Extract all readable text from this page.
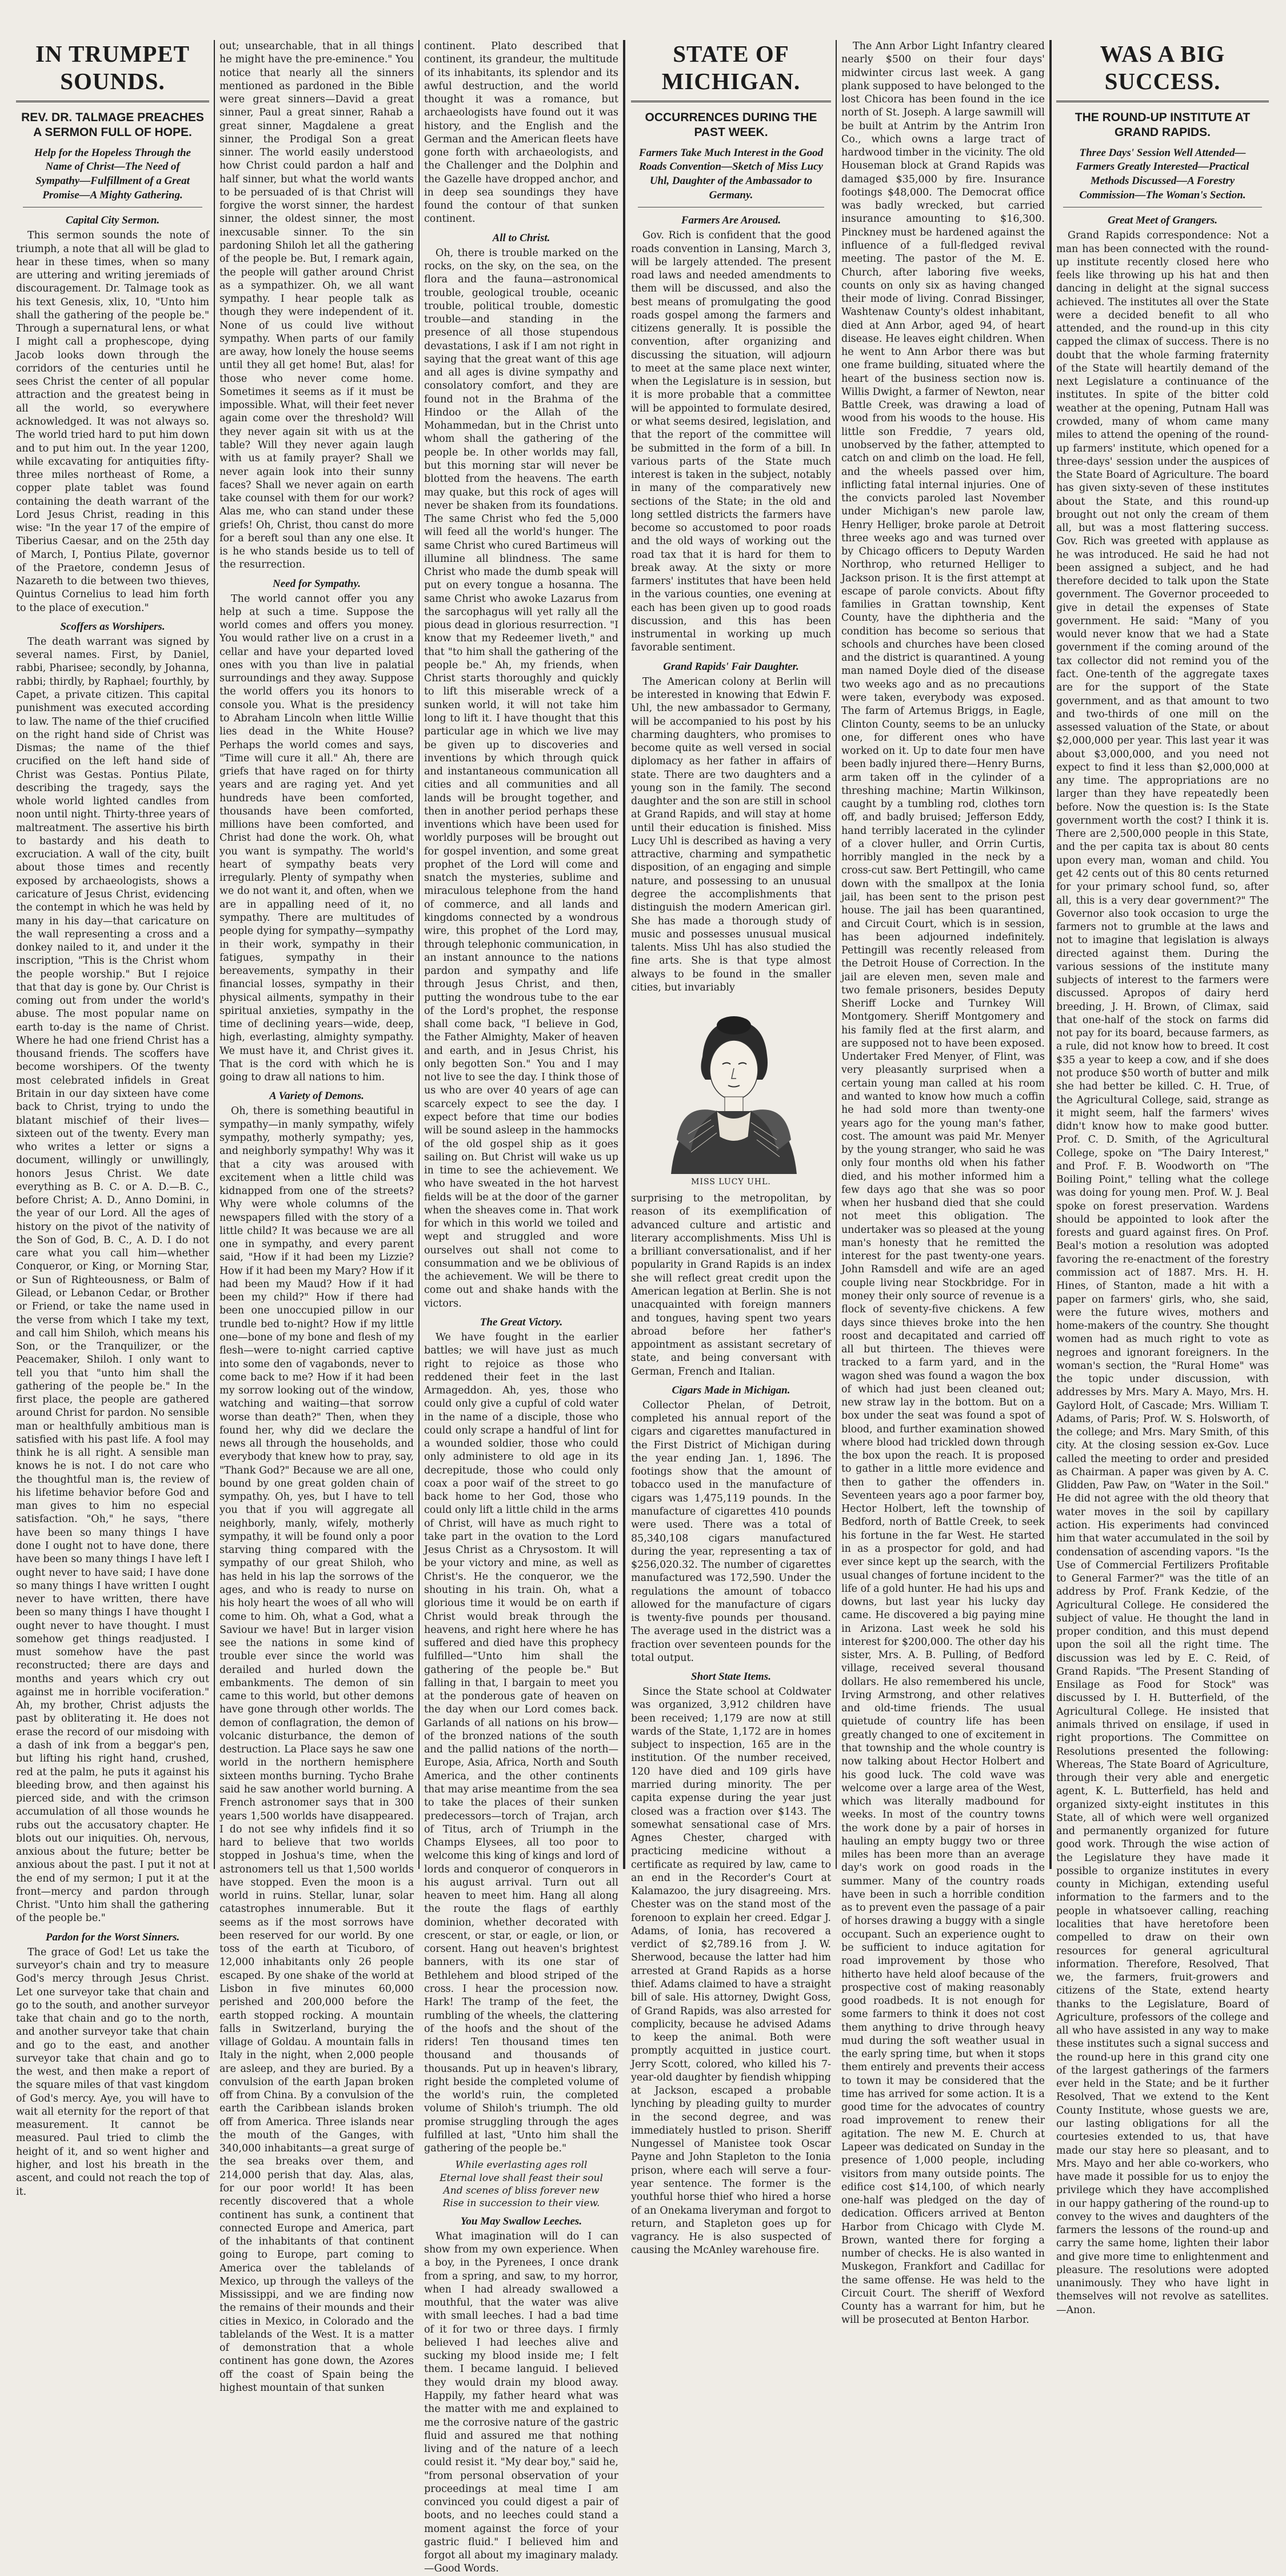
IN TRUMPET SOUNDS.
REV. DR. TALMAGE PREACHES A SERMON FULL OF HOPE.
Help for the Hopeless Through the Name of Christ—The Need of Sympathy—Fulfillment of a Great Promise—A Mighty Gathering.
Capital City Sermon.

This sermon sounds the note of triumph, a note that all will be glad to hear in these times, when so many are uttering and writing jeremiads of discouragement. Dr. Talmage took as his text Genesis, xlix, 10, "Unto him shall the gathering of the people be." Through a supernatural lens, or what I might call a prophescope, dying Jacob looks down through the corridors of the centuries until he sees Christ the center of all popular attraction and the greatest being in all the world, so everywhere acknowledged. It was not always so. The world tried hard to put him down and to put him out. In the year 1200, while excavating for antiquities fifty-three miles northeast of Rome, a copper plate tablet was found containing the death warrant of the Lord Jesus Christ, reading in this wise: "In the year 17 of the empire of Tiberius Caesar, and on the 25th day of March, I, Pontius Pilate, governor of the Praetore, condemn Jesus of Nazareth to die between two thieves, Quintus Cornelius to lead him forth to the place of execution."

Scoffers as Worshipers.

The death warrant was signed by several names. First, by Daniel, rabbi, Pharisee; secondly, by Johanna, rabbi; thirdly, by Raphael; fourthly, by Capet, a private citizen. This capital punishment was executed according to law. The name of the thief crucified on the right hand side of Christ was Dismas; the name of the thief crucified on the left hand side of Christ was Gestas. Pontius Pilate, describing the tragedy, says the whole world lighted candles from noon until night. Thirty-three years of maltreatment. The assertive his birth to bastardy and his death to excruciation. A wall of the city, built about those times and recently exposed by archaeologists, shows a caricature of Jesus Christ, evidencing the contempt in which he was held by many in his day—that caricature on the wall representing a cross and a donkey nailed to it, and under it the inscription, "This is the Christ whom the people worship." But I rejoice that that day is gone by. Our Christ is coming out from under the world's abuse. The most popular name on earth to-day is the name of Christ. Where he had one friend Christ has a thousand friends. The scoffers have become worshipers. Of the twenty most celebrated infidels in Great Britain in our day sixteen have come back to Christ, trying to undo the blatant mischief of their lives—sixteen out of the twenty. Every man who writes a letter or signs a document, willingly or unwillingly, honors Jesus Christ. We date everything as B. C. or A. D.—B. C., before Christ; A. D., Anno Domini, in the year of our Lord. All the ages of history on the pivot of the nativity of the Son of God, B. C., A. D. I do not care what you call him—whether Conqueror, or King, or Morning Star, or Sun of Righteousness, or Balm of Gilead, or Lebanon Cedar, or Brother or Friend, or take the name used in the verse from which I take my text, and call him Shiloh, which means his Son, or the Tranquilizer, or the Peacemaker, Shiloh. I only want to tell you that "unto him shall the gathering of the people be." In the first place, the people are gathered around Christ for pardon. No sensible man or healthfully ambitious man is satisfied with his past life. A fool may think he is all right. A sensible man knows he is not. I do not care who the thoughtful man is, the review of his lifetime behavior before God and man gives to him no especial satisfaction. "Oh," he says, "there have been so many things I have done I ought not to have done, there have been so many things I have left I ought never to have said; I have done so many things I have written I ought never to have written, there have been so many things I have thought I ought never to have thought. I must somehow get things readjusted. I must somehow have the past reconstructed; there are days and months and years which cry out against me in horrible vociferation." Ah, my brother, Christ adjusts the past by obliterating it. He does not erase the record of our misdoing with a dash of ink from a beggar's pen, but lifting his right hand, crushed, red at the palm, he puts it against his bleeding brow, and then against his pierced side, and with the crimson accumulation of all those wounds he rubs out the accusatory chapter. He blots out our iniquities. Oh, nervous, anxious about the future; better be anxious about the past. I put it not at the end of my sermon; I put it at the front—mercy and pardon through Christ. "Unto him shall the gathering of the people be."

Pardon for the Worst Sinners.

The grace of God! Let us take the surveyor's chain and try to measure God's mercy through Jesus Christ. Let one surveyor take that chain and go to the south, and another surveyor take that chain and go to the north, and another surveyor take that chain and go to the east, and another surveyor take that chain and go to the west, and then make a report of the square miles of that vast kingdom of God's mercy. Aye, you will have to wait all eternity for the report of that measurement. It cannot be measured. Paul tried to climb the height of it, and so went higher and higher, and lost his breath in the ascent, and could not reach the top of it.

out; unsearchable, that in all things he might have the pre-eminence." You notice that nearly all the sinners mentioned as pardoned in the Bible were great sinners—David a great sinner, Paul a great sinner, Rahab a great sinner, Magdalene a great sinner, the Prodigal Son a great sinner. The world easily understood how Christ could pardon a half and half sinner, but what the world wants to be persuaded of is that Christ will forgive the worst sinner, the hardest sinner, the oldest sinner, the most inexcusable sinner. To the sin pardoning Shiloh let all the gathering of the people be. But, I remark again, the people will gather around Christ as a sympathizer. Oh, we all want sympathy. I hear people talk as though they were independent of it. None of us could live without sympathy. When parts of our family are away, how lonely the house seems until they all get home! But, alas! for those who never come home. Sometimes it seems as if it must be impossible. What, will their feet never again come over the threshold? Will they never again sit with us at the table? Will they never again laugh with us at family prayer? Shall we never again look into their sunny faces? Shall we never again on earth take counsel with them for our work? Alas me, who can stand under these griefs! Oh, Christ, thou canst do more for a bereft soul than any one else. It is he who stands beside us to tell of the resurrection.

Need for Sympathy.

The world cannot offer you any help at such a time. Suppose the world comes and offers you money. You would rather live on a crust in a cellar and have your departed loved ones with you than live in palatial surroundings and they away. Suppose the world offers you its honors to console you. What is the presidency to Abraham Lincoln when little Willie lies dead in the White House? Perhaps the world comes and says, "Time will cure it all." Ah, there are griefs that have raged on for thirty years and are raging yet. And yet hundreds have been comforted, thousands have been comforted, millions have been comforted, and Christ had done the work. Oh, what you want is sympathy. The world's heart of sympathy beats very irregularly. Plenty of sympathy when we do not want it, and often, when we are in appalling need of it, no sympathy. There are multitudes of people dying for sympathy—sympathy in their work, sympathy in their fatigues, sympathy in their bereavements, sympathy in their financial losses, sympathy in their physical ailments, sympathy in their spiritual anxieties, sympathy in the time of declining years—wide, deep, high, everlasting, almighty sympathy. We must have it, and Christ gives it. That is the cord with which he is going to draw all nations to him.

A Variety of Demons.

Oh, there is something beautiful in sympathy—in manly sympathy, wifely sympathy, motherly sympathy; yes, and neighborly sympathy! Why was it that a city was aroused with excitement when a little child was kidnapped from one of the streets? Why were whole columns of the newspapers filled with the story of a little child? It was because we are all one in sympathy, and every parent said, "How if it had been my Lizzie? How if it had been my Mary? How if it had been my Maud? How if it had been my child?" How if there had been one unoccupied pillow in our trundle bed to-night? How if my little one—bone of my bone and flesh of my flesh—were to-night carried captive into some den of vagabonds, never to come back to me? How if it had been my sorrow looking out of the window, watching and waiting—that sorrow worse than death?" Then, when they found her, why did we declare the news all through the households, and everybody that knew how to pray, say, "Thank God?" Because we are all one, bound by one great golden chain of sympathy. Oh, yes, but I have to tell you that if you will aggregate all neighborly, manly, wifely, motherly sympathy, it will be found only a poor starving thing compared with the sympathy of our great Shiloh, who has held in his lap the sorrows of the ages, and who is ready to nurse on his holy heart the woes of all who will come to him. Oh, what a God, what a Saviour we have! But in larger vision see the nations in some kind of trouble ever since the world was derailed and hurled down the embankments. The demon of sin came to this world, but other demons have gone through other worlds. The demon of conflagration, the demon of volcanic disturbance, the demon of destruction. La Place says he saw one world in the northern hemisphere sixteen months burning. Tycho Brahe said he saw another world burning. A French astronomer says that in 300 years 1,500 worlds have disappeared. I do not see why infidels find it so hard to believe that two worlds stopped in Joshua's time, when the astronomers tell us that 1,500 worlds have stopped. Even the moon is a world in ruins. Stellar, lunar, solar catastrophes innumerable. But it seems as if the most sorrows have been reserved for our world. By one toss of the earth at Ticuboro, of 12,000 inhabitants only 26 people escaped. By one shake of the world at Lisbon in five minutes 60,000 perished and 200,000 before the earth stopped rocking. A mountain falls in Switzerland, burying the village of Goldau. A mountain falls in Italy in the night, when 2,000 people are asleep, and they are buried. By a convulsion of the earth Japan broken off from China. By a convulsion of the earth the Caribbean islands broken off from America. Three islands near the mouth of the Ganges, with 340,000 inhabitants—a great surge of the sea breaks over them, and 214,000 perish that day. Alas, alas, for our poor world! It has been recently discovered that a whole continent has sunk, a continent that connected Europe and America, part of the inhabitants of that continent going to Europe, part coming to America over the tablelands of Mexico, up through the valleys of the Mississippi, and we are finding now the remains of their mounds and their cities in Mexico, in Colorado and the tablelands of the West. It is a matter of demonstration that a whole continent has gone down, the Azores off the coast of Spain being the highest mountain of that sunken

continent. Plato described that continent, its grandeur, the multitude of its inhabitants, its splendor and its awful destruction, and the world thought it was a romance, but archaeologists have found out it was history, and the English and the German and the American fleets have gone forth with archaeologists, and the Challenger and the Dolphin and the Gazelle have dropped anchor, and in deep sea soundings they have found the contour of that sunken continent.

All to Christ.

Oh, there is trouble marked on the rocks, on the sky, on the sea, on the flora and the fauna—astronomical trouble, geological trouble, oceanic trouble, political trouble, domestic trouble—and standing in the presence of all those stupendous devastations, I ask if I am not right in saying that the great want of this age and all ages is divine sympathy and consolatory comfort, and they are found not in the Brahma of the Hindoo or the Allah of the Mohammedan, but in the Christ unto whom shall the gathering of the people be. In other worlds may fall, but this morning star will never be blotted from the heavens. The earth may quake, but this rock of ages will never be shaken from its foundations. The same Christ who fed the 5,000 will feed all the world's hunger. The same Christ who cured Bartimeus will illumine all blindness. The same Christ who made the dumb speak will put on every tongue a hosanna. The same Christ who awoke Lazarus from the sarcophagus will yet rally all the pious dead in glorious resurrection. "I know that my Redeemer liveth," and that "to him shall the gathering of the people be." Ah, my friends, when Christ starts thoroughly and quickly to lift this miserable wreck of a sunken world, it will not take him long to lift it. I have thought that this particular age in which we live may be given up to discoveries and inventions by which through quick and instantaneous communication all cities and all communities and all lands will be brought together, and then in another period perhaps these inventions which have been used for worldly purposes will be brought out for gospel invention, and some great prophet of the Lord will come and snatch the mysteries, sublime and miraculous telephone from the hand of commerce, and all lands and kingdoms connected by a wondrous wire, this prophet of the Lord may, through telephonic communication, in an instant announce to the nations pardon and sympathy and life through Jesus Christ, and then, putting the wondrous tube to the ear of the Lord's prophet, the response shall come back, "I believe in God, the Father Almighty, Maker of heaven and earth, and in Jesus Christ, his only begotten Son." You and I may not live to see the day. I think those of us who are over 40 years of age can scarcely expect to see the day. I expect before that time our bodies will be sound asleep in the hammocks of the old gospel ship as it goes sailing on. But Christ will wake us up in time to see the achievement. We who have sweated in the hot harvest fields will be at the door of the garner when the sheaves come in. That work for which in this world we toiled and wept and struggled and wore ourselves out shall not come to consummation and we be oblivious of the achievement. We will be there to come out and shake hands with the victors.

The Great Victory.

We have fought in the earlier battles; we will have just as much right to rejoice as those who reddened their feet in the last Armageddon. Ah, yes, those who could only give a cupful of cold water in the name of a disciple, those who could only scrape a handful of lint for a wounded soldier, those who could only administere to old age in its decrepitude, those who could only coax a poor waif of the street to go back home to her God, those who could only lift a little child in the arms of Christ, will have as much right to take part in the ovation to the Lord Jesus Christ as a Chrysostom. It will be your victory and mine, as well as Christ's. He the conqueror, we the shouting in his train. Oh, what a glorious time it would be on earth if Christ would break through the heavens, and right here where he has suffered and died have this prophecy fulfilled—"Unto him shall the gathering of the people be." But falling in that, I bargain to meet you at the ponderous gate of heaven on the day when our Lord comes back. Garlands of all nations on his brow—of the bronzed nations of the south and the pallid nations of the north—Europe, Asia, Africa, North and South America, and the other continents that may arise meantime from the sea to take the places of their sunken predecessors—torch of Trajan, arch of Titus, arch of Triumph in the Champs Elysees, all too poor to welcome this king of kings and lord of lords and conqueror of conquerors in his august arrival. Turn out all heaven to meet him. Hang all along the route the flags of earthly dominion, whether decorated with crescent, or star, or eagle, or lion, or corsent. Hang out heaven's brightest banners, with its one star of Bethlehem and blood striped of the cross. I hear the procession now. Hark! The tramp of the feet, the rumbling of the wheels, the clattering of the hoofs and the shout of the riders! Ten thousand times ten thousand and thousands of thousands. Put up in heaven's library, right beside the completed volume of the world's ruin, the completed volume of Shiloh's triumph. The old promise struggling through the ages fulfilled at last, "Unto him shall the gathering of the people be."

While everlasting ages roll
Eternal love shall feast their soul
And scenes of bliss forever new
Rise in succession to their view.
You May Swallow Leeches.

What imagination will do I can show from my own experience. When a boy, in the Pyrenees, I once drank from a spring, and saw, to my horror, when I had already swallowed a mouthful, that the water was alive with small leeches. I had a bad time of it for two or three days. I firmly believed I had leeches alive and sucking my blood inside me; I felt them. I became languid. I believed they would drain my blood away. Happily, my father heard what was the matter with me and explained to me the corrosive nature of the gastric fluid and assured me that nothing living and of the nature of a leech could resist it. "My dear boy," said he, "from personal observation of your proceedings at meal time I am convinced you could digest a pair of boots, and no leeches could stand a moment against the force of your gastric fluid." I believed him and forgot all about my imaginary malady.—Good Words.

STATE OF MICHIGAN.
OCCURRENCES DURING THE PAST WEEK.
Farmers Take Much Interest in the Good Roads Convention—Sketch of Miss Lucy Uhl, Daughter of the Ambassador to Germany.
Farmers Are Aroused.

Gov. Rich is confident that the good roads convention in Lansing, March 3, will be largely attended. The present road laws and needed amendments to them will be discussed, and also the best means of promulgating the good roads gospel among the farmers and citizens generally. It is possible the convention, after organizing and discussing the situation, will adjourn to meet at the same place next winter, when the Legislature is in session, but it is more probable that a committee will be appointed to formulate desired, or what seems desired, legislation, and that the report of the committee will be submitted in the form of a bill. In various parts of the State much interest is taken in the subject, notably in many of the comparatively new sections of the State; in the old and long settled districts the farmers have become so accustomed to poor roads and the old ways of working out the road tax that it is hard for them to break away. At the sixty or more farmers' institutes that have been held in the various counties, one evening at each has been given up to good roads discussion, and this has been instrumental in working up much favorable sentiment.

Grand Rapids' Fair Daughter.

The American colony at Berlin will be interested in knowing that Edwin F. Uhl, the new ambassador to Germany, will be accompanied to his post by his charming daughters, who promises to become quite as well versed in social diplomacy as her father in affairs of state. There are two daughters and a young son in the family. The second daughter and the son are still in school at Grand Rapids, and will stay at home until their education is finished. Miss Lucy Uhl is described as having a very attractive, charming and sympathetic disposition, of an engaging and simple nature, and possessing to an unusual degree the accomplishments that distinguish the modern American girl. She has made a thorough study of music and possesses unusual musical talents. Miss Uhl has also studied the fine arts. She is that type almost always to be found in the smaller cities, but invariably

MISS LUCY UHL.

surprising to the metropolitan, by reason of its exemplification of advanced culture and artistic and literary accomplishments. Miss Uhl is a brilliant conversationalist, and if her popularity in Grand Rapids is an index she will reflect great credit upon the American legation at Berlin. She is not unacquainted with foreign manners and tongues, having spent two years abroad before her father's appointment as assistant secretary of state, and being conversant with German, French and Italian.

Cigars Made in Michigan.

Collector Phelan, of Detroit, completed his annual report of the cigars and cigarettes manufactured in the First District of Michigan during the year ending Jan. 1, 1896. The footings show that the amount of tobacco used in the manufacture of cigars was 1,475,119 pounds. In the manufacture of cigarettes 410 pounds were used. There was a total of 85,340,108 cigars manufactured during the year, representing a tax of $256,020.32. The number of cigarettes manufactured was 172,590. Under the regulations the amount of tobacco allowed for the manufacture of cigars is twenty-five pounds per thousand. The average used in the district was a fraction over seventeen pounds for the total output.

Short State Items.

Since the State school at Coldwater was organized, 3,912 children have been received; 1,179 are now at still wards of the State, 1,172 are in homes subject to inspection, 165 are in the institution. Of the number received, 120 have died and 109 girls have married during minority. The per capita expense during the year just closed was a fraction over $143. The somewhat sensational case of Mrs. Agnes Chester, charged with practicing medicine without a certificate as required by law, came to an end in the Recorder's Court at Kalamazoo, the jury disagreeing. Mrs. Chester was on the stand most of the forenoon to explain her creed. Edgar J. Adams, of Ionia, has recovered a verdict of $2,789.16 from J. W. Sherwood, because the latter had him arrested at Grand Rapids as a horse thief. Adams claimed to have a straight bill of sale. His attorney, Dwight Goss, of Grand Rapids, was also arrested for complicity, because he advised Adams to keep the animal. Both were promptly acquitted in justice court. Jerry Scott, colored, who killed his 7-year-old daughter by fiendish whipping at Jackson, escaped a probable lynching by pleading guilty to murder in the second degree, and was immediately hustled to prison. Sheriff Nungessel of Manistee took Oscar Payne and John Stapleton to the Ionia prison, where each will serve a four-year sentence. The former is the youthful horse thief who hired a horse of an Onekama liveryman and forgot to return, and Stapleton goes up for vagrancy. He is also suspected of causing the McAnley warehouse fire.

The Ann Arbor Light Infantry cleared nearly $500 on their four days' midwinter circus last week. A gang plank supposed to have belonged to the lost Chicora has been found in the ice north of St. Joseph. A large sawmill will be built at Antrim by the Antrim Iron Co., which owns a large tract of hardwood timber in the vicinity. The old Houseman block at Grand Rapids was damaged $35,000 by fire. Insurance footings $48,000. The Democrat office was badly wrecked, but carried insurance amounting to $16,300. Pinckney must be hardened against the influence of a full-fledged revival meeting. The pastor of the M. E. Church, after laboring five weeks, counts on only six as having changed their mode of living. Conrad Bissinger, Washtenaw County's oldest inhabitant, died at Ann Arbor, aged 94, of heart disease. He leaves eight children. When he went to Ann Arbor there was but one frame building, situated where the heart of the business section now is. Willis Dwight, a farmer of Newton, near Battle Creek, was drawing a load of wood from his woods to the house. His little son Freddie, 7 years old, unobserved by the father, attempted to catch on and climb on the load. He fell, and the wheels passed over him, inflicting fatal internal injuries. One of the convicts paroled last November under Michigan's new parole law, Henry Helliger, broke parole at Detroit three weeks ago and was turned over by Chicago officers to Deputy Warden Northrop, who returned Helliger to Jackson prison. It is the first attempt at escape of parole convicts. About fifty families in Grattan township, Kent County, have the diphtheria and the condition has become so serious that schools and churches have been closed and the district is quarantined. A young man named Doyle died of the disease two weeks ago and as no precautions were taken, everybody was exposed. The farm of Artemus Briggs, in Eagle, Clinton County, seems to be an unlucky one, for different ones who have worked on it. Up to date four men have been badly injured there—Henry Burns, arm taken off in the cylinder of a threshing machine; Martin Wilkinson, caught by a tumbling rod, clothes torn off, and badly bruised; Jefferson Eddy, hand terribly lacerated in the cylinder of a clover huller, and Orrin Curtis, horribly mangled in the neck by a cross-cut saw. Bert Pettingill, who came down with the smallpox at the Ionia jail, has been sent to the prison pest house. The jail has been quarantined, and Circuit Court, which is in session, has been adjourned indefinitely. Pettingill was recently released from the Detroit House of Correction. In the jail are eleven men, seven male and two female prisoners, besides Deputy Sheriff Locke and Turnkey Will Montgomery. Sheriff Montgomery and his family fled at the first alarm, and are supposed not to have been exposed. Undertaker Fred Menyer, of Flint, was very pleasantly surprised when a certain young man called at his room and wanted to know how much a coffin he had sold more than twenty-one years ago for the young man's father, cost. The amount was paid Mr. Menyer by the young stranger, who said he was only four months old when his father died, and his mother informed him a few days ago that she was so poor when her husband died that she could not meet this obligation. The undertaker was so pleased at the young man's honesty that he remitted the interest for the past twenty-one years. John Ramsdell and wife are an aged couple living near Stockbridge. For in money their only source of revenue is a flock of seventy-five chickens. A few days since thieves broke into the hen roost and decapitated and carried off all but thirteen. The thieves were tracked to a farm yard, and in the wagon shed was found a wagon the box of which had just been cleaned out; new straw lay in the bottom. But on a box under the seat was found a spot of blood, and further examination showed where blood had trickled down through the box upon the reach. It is proposed to gather in a little more evidence and then to gather the offenders in. Seventeen years ago a poor farmer boy, Hector Holbert, left the township of Bedford, north of Battle Creek, to seek his fortune in the far West. He started in as a prospector for gold, and had ever since kept up the search, with the usual changes of fortune incident to the life of a gold hunter. He had his ups and downs, but last year his lucky day came. He discovered a big paying mine in Arizona. Last week he sold his interest for $200,000. The other day his sister, Mrs. A. B. Pulling, of Bedford village, received several thousand dollars. He also remembered his uncle, Irving Armstrong, and other relatives and old-time friends. The usual quietude of country life has been greatly changed to one of excitement in that township and the whole country is now talking about Hector Holbert and his good luck. The cold wave was welcome over a large area of the West, which was literally madbound for weeks. In most of the country towns the work done by a pair of horses in hauling an empty buggy two or three miles has been more than an average day's work on good roads in the summer. Many of the country roads have been in such a horrible condition as to prevent even the passage of a pair of horses drawing a buggy with a single occupant. Such an experience ought to be sufficient to induce agitation for road improvement by those who hitherto have held aloof because of the prospective cost of making reasonably good roadbeds. It is not enough for some farmers to think it does not cost them anything to drive through heavy mud during the soft weather usual in the early spring time, but when it stops them entirely and prevents their access to town it may be considered that the time has arrived for some action. It is a good time for the advocates of country road improvement to renew their agitation. The new M. E. Church at Lapeer was dedicated on Sunday in the presence of 1,000 people, including visitors from many outside points. The edifice cost $14,100, of which nearly one-half was pledged on the day of dedication. Officers arrived at Benton Harbor from Chicago with Clyde M. Brown, wanted there for forging a number of checks. He is also wanted in Muskegon, Frankfort and Cadillac for the same offense. He was held to the Circuit Court. The sheriff of Wexford County has a warrant for him, but he will be prosecuted at Benton Harbor.

WAS A BIG SUCCESS.
THE ROUND-UP INSTITUTE AT GRAND RAPIDS.
Three Days' Session Well Attended—Farmers Greatly Interested—Practical Methods Discussed—A Forestry Commission—The Woman's Section.
Great Meet of Grangers.

Grand Rapids correspondence: Not a man has been connected with the round-up institute recently closed here who feels like throwing up his hat and then dancing in delight at the signal success achieved. The institutes all over the State were a decided benefit to all who attended, and the round-up in this city capped the climax of success. There is no doubt that the whole farming fraternity of the State will heartily demand of the next Legislature a continuance of the institutes. In spite of the bitter cold weather at the opening, Putnam Hall was crowded, many of whom came many miles to attend the opening of the round-up farmers' institute, which opened for a three-days' session under the auspices of the State Board of Agriculture. The board has given sixty-seven of these institutes about the State, and this round-up brought out not only the cream of them all, but was a most flattering success. Gov. Rich was greeted with applause as he was introduced. He said he had not been assigned a subject, and he had therefore decided to talk upon the State government. The Governor proceeded to give in detail the expenses of State government. He said: "Many of you would never know that we had a State government if the coming around of the tax collector did not remind you of the fact. One-tenth of the aggregate taxes are for the support of the State government, and as that amount to two and two-thirds of one mill on the assessed valuation of the State, or about $2,000,000 per year. This last year it was about $3,000,000, and you need not expect to find it less than $2,000,000 at any time. The appropriations are no larger than they have repeatedly been before. Now the question is: Is the State government worth the cost? I think it is. There are 2,500,000 people in this State, and the per capita tax is about 80 cents upon every man, woman and child. You get 42 cents out of this 80 cents returned for your primary school fund, so, after all, this is a very dear government?" The Governor also took occasion to urge the farmers not to grumble at the laws and not to imagine that legislation is always directed against them. During the various sessions of the institute many subjects of interest to the farmers were discussed. Apropos of dairy herd breeding, J. H. Brown, of Climax, said that one-half of the stock on farms did not pay for its board, because farmers, as a rule, did not know how to breed. It cost $35 a year to keep a cow, and if she does not produce $50 worth of butter and milk she had better be killed. C. H. True, of the Agricultural College, said, strange as it might seem, half the farmers' wives didn't know how to make good butter. Prof. C. D. Smith, of the Agricultural College, spoke on "The Dairy Interest," and Prof. F. B. Woodworth on "The Boiling Point," telling what the college was doing for young men. Prof. W. J. Beal spoke on forest preservation. Wardens should be appointed to look after the forests and guard against fires. On Prof. Beal's motion a resolution was adopted favoring the re-enactment of the forestry commission act of 1887. Mrs. H. H. Hines, of Stanton, made a hit with a paper on farmers' girls, who, she said, were the future wives, mothers and home-makers of the country. She thought women had as much right to vote as negroes and ignorant foreigners. In the woman's section, the "Rural Home" was the topic under discussion, with addresses by Mrs. Mary A. Mayo, Mrs. H. Gaylord Holt, of Cascade; Mrs. William T. Adams, of Paris; Prof. W. S. Holsworth, of the college; and Mrs. Mary Smith, of this city. At the closing session ex-Gov. Luce called the meeting to order and presided as Chairman. A paper was given by A. C. Glidden, Paw Paw, on "Water in the Soil." He did not agree with the old theory that water moves in the soil by capillary action. His experiments had convinced him that water accumulated in the soil by condensation of ascending vapors. "Is the Use of Commercial Fertilizers Profitable to General Farmer?" was the title of an address by Prof. Frank Kedzie, of the Agricultural College. He considered the subject of value. He thought the land in proper condition, and this must depend upon the soil all the right time. The discussion was led by E. C. Reid, of Grand Rapids. "The Present Standing of Ensilage as Food for Stock" was discussed by I. H. Butterfield, of the Agricultural College. He insisted that animals thrived on ensilage, if used in right proportions. The Committee on Resolutions presented the following: Whereas, The State Board of Agriculture, through their very able and energetic agent, K. L. Butterfield, has held and organized sixty-eight institutes in this State, all of which were well organized and permanently organized for future good work. Through the wise action of the Legislature they have made it possible to organize institutes in every county in Michigan, extending useful information to the farmers and to the people in whatsoever calling, reaching localities that have heretofore been compelled to draw on their own resources for general agricultural information. Therefore, Resolved, That we, the farmers, fruit-growers and citizens of the State, extend hearty thanks to the Legislature, Board of Agriculture, professors of the college and all who have assisted in any way to make these institutes such a signal success and the round-up here in this grand city one of the largest gatherings of the farmers ever held in the State; and be it further Resolved, That we extend to the Kent County Institute, whose guests we are, our lasting obligations for all the courtesies extended to us, that have made our stay here so pleasant, and to Mrs. Mayo and her able co-workers, who have made it possible for us to enjoy the privilege which they have accomplished in our happy gathering of the round-up to convey to the wives and daughters of the farmers the lessons of the round-up and carry the same home, lighten their labor and give more time to enlightenment and pleasure. The resolutions were adopted unanimously. They who have light in themselves will not revolve as satellites.—Anon.
